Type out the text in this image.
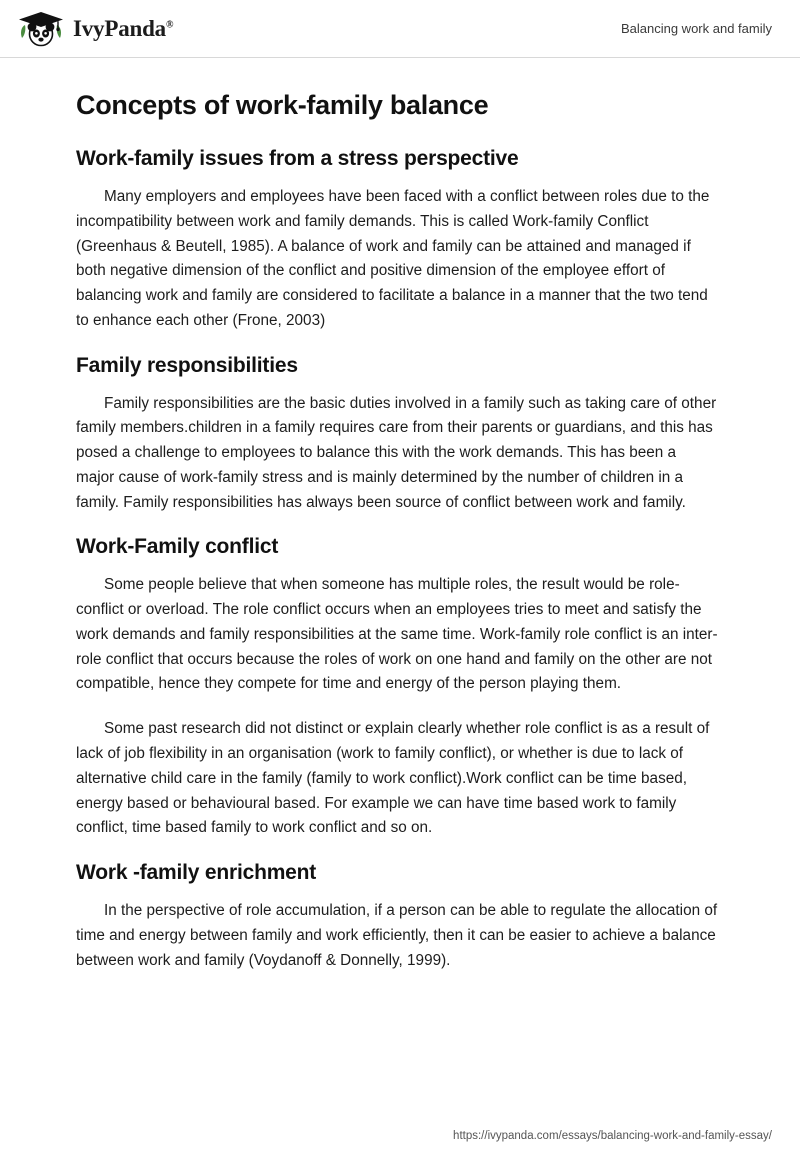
IvyPanda®	Balancing work and family
Concepts of work-family balance
Work-family issues from a stress perspective

Many employers and employees have been faced with a conflict between roles due to the incompatibility between work and family demands. This is called Work-family Conflict (Greenhaus & Beutell, 1985). A balance of work and family can be attained and managed if both negative dimension of the conflict and positive dimension of the employee effort of balancing work and family are considered to facilitate a balance in a manner that the two tend to enhance each other (Frone, 2003)

Family responsibilities

Family responsibilities are the basic duties involved in a family such as taking care of other family members.children in a family requires care from their parents or guardians, and this has posed a challenge to employees to balance this with the work demands. This has been a major cause of work-family stress and is mainly determined by the number of children in a family. Family responsibilities has always been source of conflict between work and family.

Work-Family conflict

Some people believe that when someone has multiple roles, the result would be role-conflict or overload. The role conflict occurs when an employees tries to meet and satisfy the work demands and family responsibilities at the same time. Work-family role conflict is an inter-role conflict that occurs because the roles of work on one hand and family on the other are not compatible, hence they compete for time and energy of the person playing them.

Some past research did not distinct or explain clearly whether role conflict is as a result of lack of job flexibility in an organisation (work to family conflict), or whether is due to lack of alternative child care in the family (family to work conflict).Work conflict can be time based, energy based or behavioural based. For example we can have time based work to family conflict, time based family to work conflict and so on.

Work -family enrichment

In the perspective of role accumulation, if a person can be able to regulate the allocation of time and energy between family and work efficiently, then it can be easier to achieve a balance between work and family (Voydanoff & Donnelly, 1999).

https://ivypanda.com/essays/balancing-work-and-family-essay/
